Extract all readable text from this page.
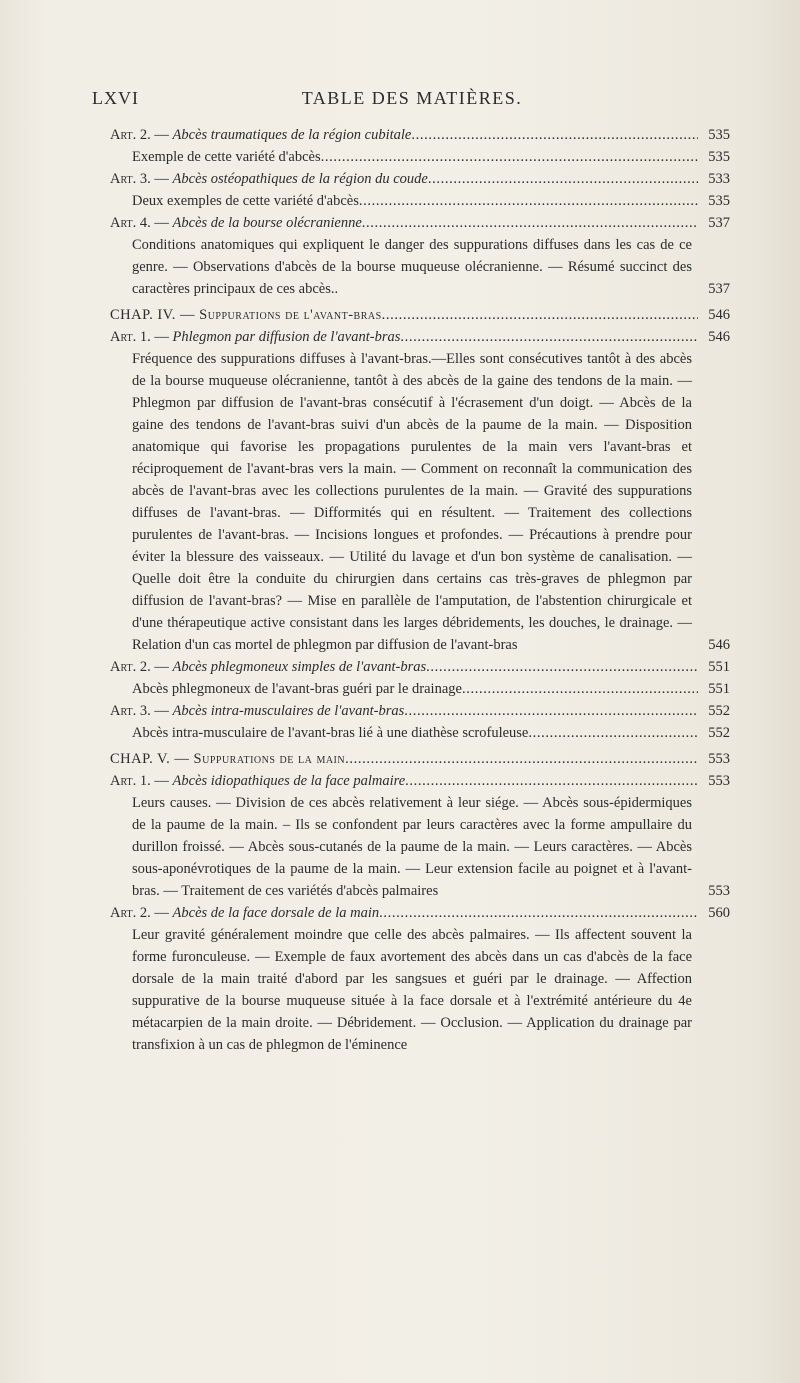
LXVI	TABLE DES MATIÈRES.
Art. 2. — Abcès traumatiques de la région cubitale . . .	535
Exemple de cette variété d'abcès . . .	535
Art. 3. — Abcès ostéopathiques de la région du coude . . .	533
Deux exemples de cette variété d'abcès . . .	535
Art. 4. — Abcès de la bourse olécranienne . . .	537
Conditions anatomiques qui expliquent le danger des suppurations diffuses dans les cas de ce genre. — Observations d'abcès de la bourse muqueuse olécranienne. — Résumé succinct des caractères principaux de ces abcès..	537
CHAP. IV. — Suppurations de l'avant-bras . . .	546
Art. 1. — Phlegmon par diffusion de l'avant-bras . . .	546
Fréquence des suppurations diffuses à l'avant-bras.—Elles sont consécutives tantôt à des abcès de la bourse muqueuse olécranienne, tantôt à des abcès de la gaine des tendons de la main. — Phlegmon par diffusion de l'avant-bras consécutif à l'écrasement d'un doigt. — Abcès de la gaine des tendons de l'avant-bras suivi d'un abcès de la paume de la main. — Disposition anatomique qui favorise les propagations purulentes de la main vers l'avant-bras et réciproquement de l'avant-bras vers la main. — Comment on reconnaît la communication des abcès de l'avant-bras avec les collections purulentes de la main. — Gravité des suppurations diffuses de l'avant-bras. — Difformités qui en résultent. — Traitement des collections purulentes de l'avant-bras. — Incisions longues et profondes. — Précautions à prendre pour éviter la blessure des vaisseaux. — Utilité du lavage et d'un bon système de canalisation. — Quelle doit être la conduite du chirurgien dans certains cas très-graves de phlegmon par diffusion de l'avant-bras? — Mise en parallèle de l'amputation, de l'abstention chirurgicale et d'une thérapeutique active consistant dans les larges débridements, les douches, le drainage. — Relation d'un cas mortel de phlegmon par diffusion de l'avant-bras	546
Art. 2. — Abcès phlegmoneux simples de l'avant-bras . . .	551
Abcès phlegmoneux de l'avant-bras guéri par le drainage . . .	551
Art. 3. — Abcès intra-musculaires de l'avant-bras . . .	552
Abcès intra-musculaire de l'avant-bras lié à une diathèse scrofuleuse . . .	552
CHAP. V. — Suppurations de la main . . .	553
Art. 1. — Abcès idiopathiques de la face palmaire . . .	553
Leurs causes. — Division de ces abcès relativement à leur siége. — Abcès sous-épidermiques de la paume de la main. – Ils se confondent par leurs caractères avec la forme ampullaire du durillon froissé. — Abcès sous-cutanés de la paume de la main. — Leurs caractères. — Abcès sous-aponévrotiques de la paume de la main. — Leur extension facile au poignet et à l'avant-bras. — Traitement de ces variétés d'abcès palmaires	553
Art. 2. — Abcès de la face dorsale de la main . . .	560
Leur gravité généralement moindre que celle des abcès palmaires. — Ils affectent souvent la forme furonculeuse. — Exemple de faux avortement des abcès dans un cas d'abcès de la face dorsale de la main traité d'abord par les sangsues et guéri par le drainage. — Affection suppurative de la bourse muqueuse située à la face dorsale et à l'extrémité antérieure du 4e métacarpien de la main droite. — Débridement. — Occlusion. — Application du drainage par transfixion à un cas de phlegmon de l'éminence
